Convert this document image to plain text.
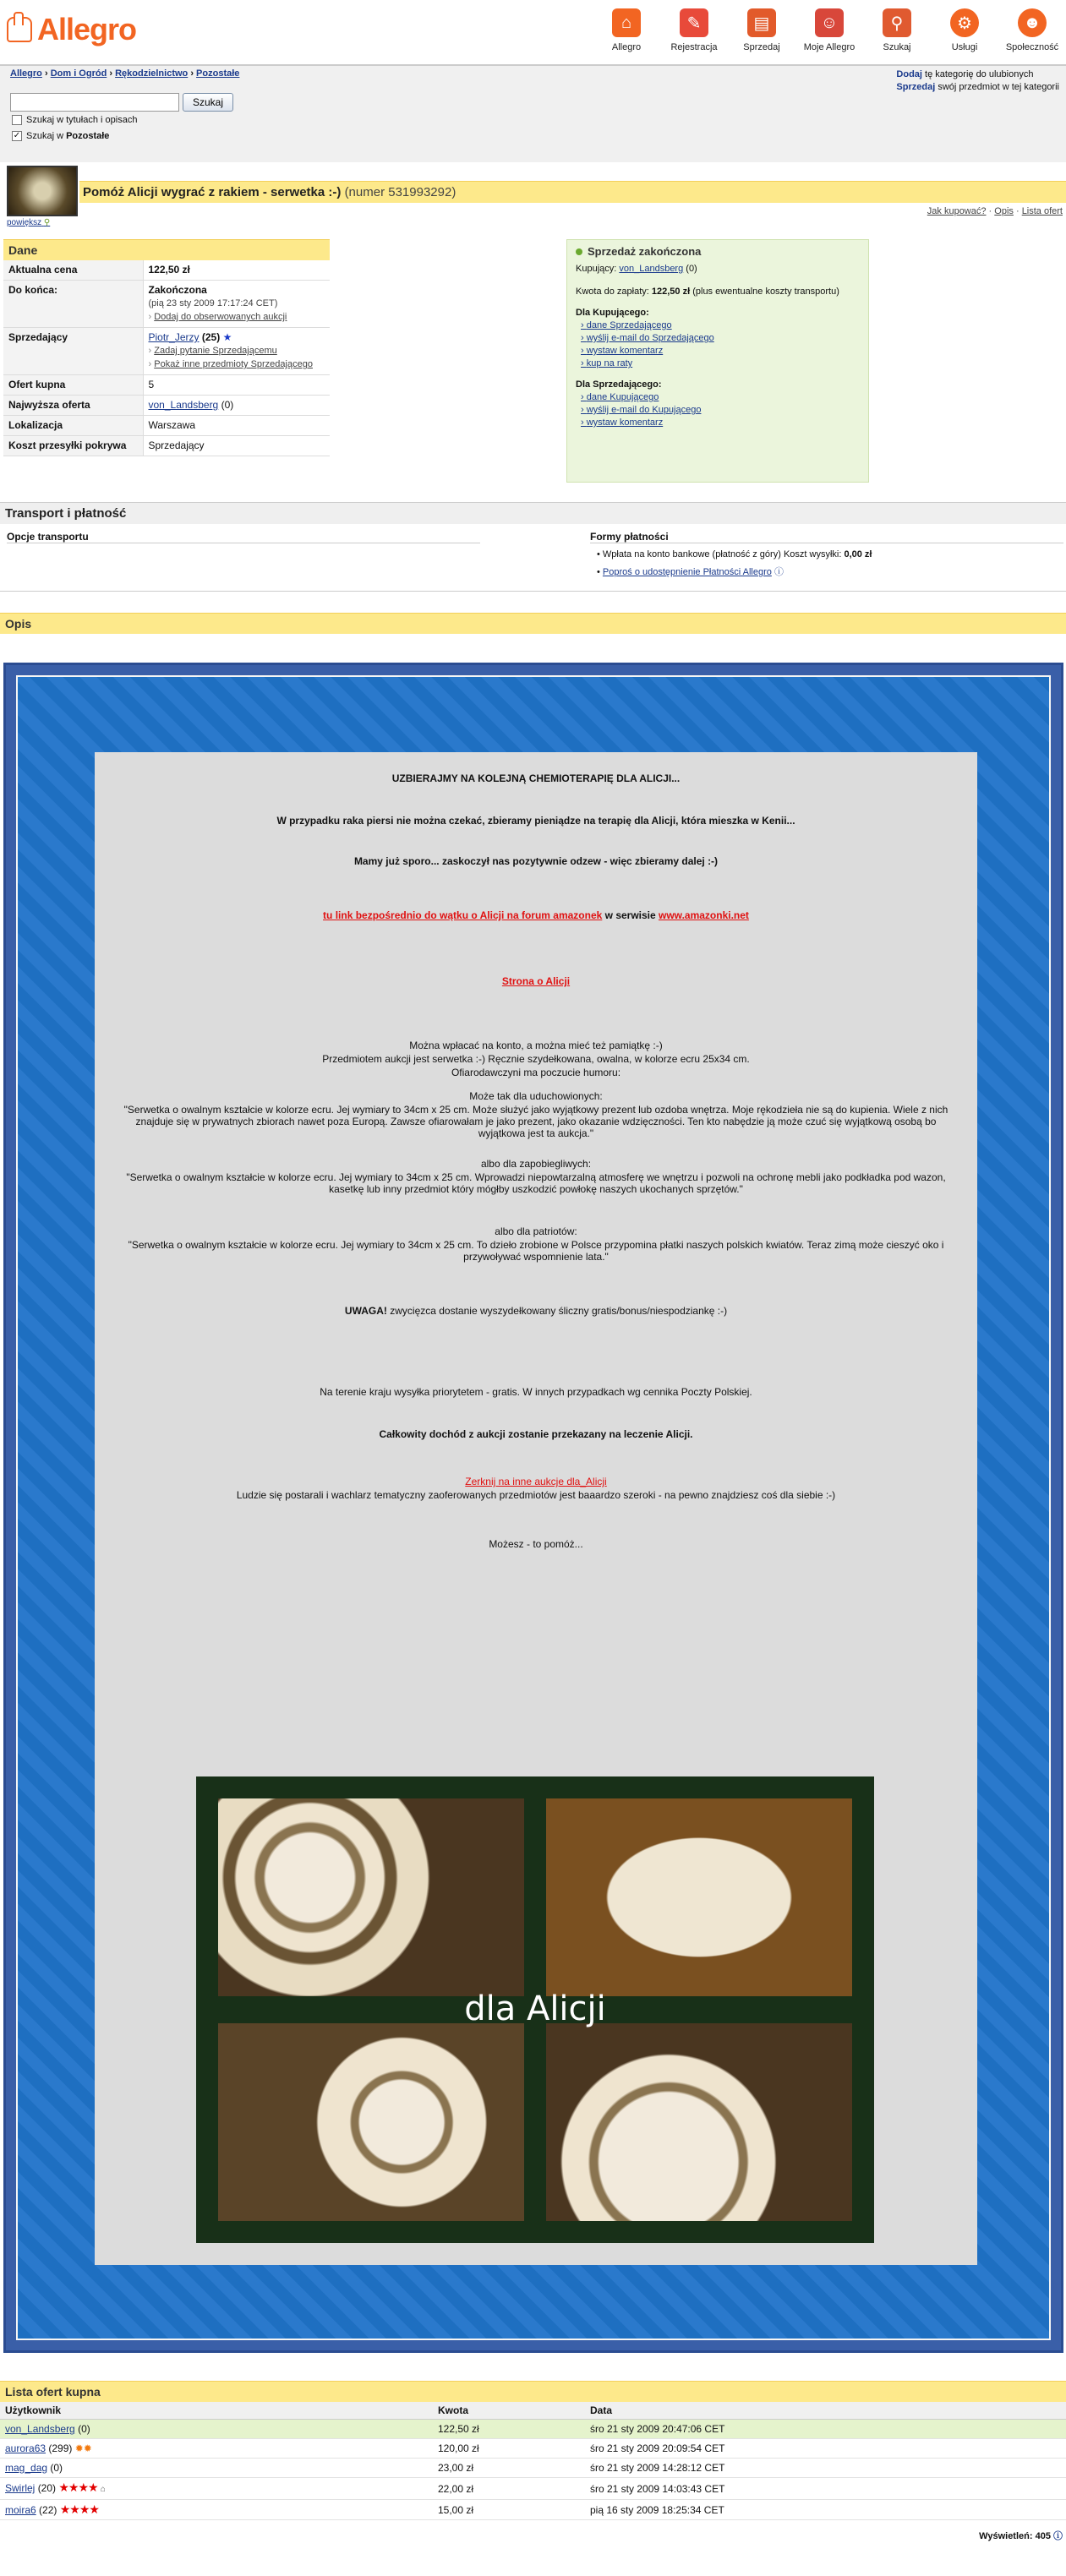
Allegro	⌂
Allegro
✎
Rejestracja
▤
Sprzedaj
☺
Moje Allegro
⚲
Szukaj
⚙
Usługi
☻
Społeczność
Allegro › Dom i Ogród › Rękodzielnictwo › Pozostałe	Dodaj tę kategorię do ulubionych
Sprzedaj swój przedmiot w tej kategorii
Szukaj
Szukaj w tytułach i opisach
✓ Szukaj w Pozostałe
Pomóż Alicji wygrać z rakiem - serwetka :-) (numer 531993292)
Jak kupować? · Opis · Lista ofert
powiększ ⚲
Dane
Aktualna cena	122,50 zł
Do końca:	Zakończona
(pią 23 sty 2009 17:17:24 CET)
› Dodaj do obserwowanych aukcji
Sprzedający	Piotr_Jerzy (25) ★
› Zadaj pytanie Sprzedającemu
› Pokaż inne przedmioty Sprzedającego
Ofert kupna	5
Najwyższa oferta	von_Landsberg (0)
Lokalizacja	Warszawa
Koszt przesyłki pokrywa	Sprzedający
Sprzedaż zakończona
Kupujący: von_Landsberg (0)
Kwota do zapłaty: 122,50 zł (plus ewentualne koszty transportu)
Dla Kupującego:
› dane Sprzedającego
› wyślij e-mail do Sprzedającego
› wystaw komentarz
› kup na raty
Dla Sprzedającego:
› dane Kupującego
› wyślij e-mail do Kupującego
› wystaw komentarz
Transport i płatność
Opcje transportu	Formy płatności
• Wpłata na konto bankowe (płatność z góry) Koszt wysyłki: 0,00 zł
• Poproś o udostępnienie Płatności Allegro ⓘ
Opis

UZBIERAJMY NA KOLEJNĄ CHEMIOTERAPIĘ DLA ALICJI...

W przypadku raka piersi nie można czekać, zbieramy pieniądze na terapię dla Alicji, która mieszka w Kenii...

Mamy już sporo... zaskoczył nas pozytywnie odzew - więc zbieramy dalej :-)

tu link bezpośrednio do wątku o Alicji na forum amazonek w serwisie www.amazonki.net

Strona o Alicji

Można wpłacać na konto, a można mieć też pamiątkę :-)

Przedmiotem aukcji jest serwetka :-) Ręcznie szydełkowana, owalna, w kolorze ecru 25x34 cm.

Ofiarodawczyni ma poczucie humoru:

Może tak dla uduchowionych:

"Serwetka o owalnym kształcie w kolorze ecru. Jej wymiary to 34cm x 25 cm. Może służyć jako wyjątkowy prezent lub ozdoba wnętrza. Moje rękodzieła nie są do kupienia. Wiele z nich znajduje się w prywatnych zbiorach nawet poza Europą. Zawsze ofiarowałam je jako prezent, jako okazanie wdzięczności. Ten kto nabędzie ją może czuć się wyjątkową osobą bo wyjątkowa jest ta aukcja."

albo dla zapobiegliwych:

"Serwetka o owalnym kształcie w kolorze ecru. Jej wymiary to 34cm x 25 cm. Wprowadzi niepowtarzalną atmosferę we wnętrzu i pozwoli na ochronę mebli jako podkładka pod wazon, kasetkę lub inny przedmiot który mógłby uszkodzić powłokę naszych ukochanych sprzętów."

albo dla patriotów:

"Serwetka o owalnym kształcie w kolorze ecru. Jej wymiary to 34cm x 25 cm. To dzieło zrobione w Polsce przypomina płatki naszych polskich kwiatów. Teraz zimą może cieszyć oko i przywoływać wspomnienie lata."

UWAGA! zwycięzca dostanie wyszydełkowany śliczny gratis/bonus/niespodziankę :-)

Na terenie kraju wysyłka priorytetem - gratis. W innych przypadkach wg cennika Poczty Polskiej.

Całkowity dochód z aukcji zostanie przekazany na leczenie Alicji.

Zerknij na inne aukcje dla_Alicji

Ludzie się postarali i wachlarz tematyczny zaoferowanych przedmiotów jest baaardzo szeroki - na pewno znajdziesz coś dla siebie :-)

Możesz - to pomóż...

dla Alicji
Lista ofert kupna
Użytkownik	Kwota	Data
von_Landsberg (0)	122,50 zł	śro 21 sty 2009 20:47:06 CET
aurora63 (299) ✹✹	120,00 zł	śro 21 sty 2009 20:09:54 CET
mag_dag (0)	23,00 zł	śro 21 sty 2009 14:28:12 CET
Swirlej (20) ★★★★ ⌂	22,00 zł	śro 21 sty 2009 14:03:43 CET
moira6 (22) ★★★★	15,00 zł	pią 16 sty 2009 18:25:34 CET
Wyświetleń: 405 ⓘ
